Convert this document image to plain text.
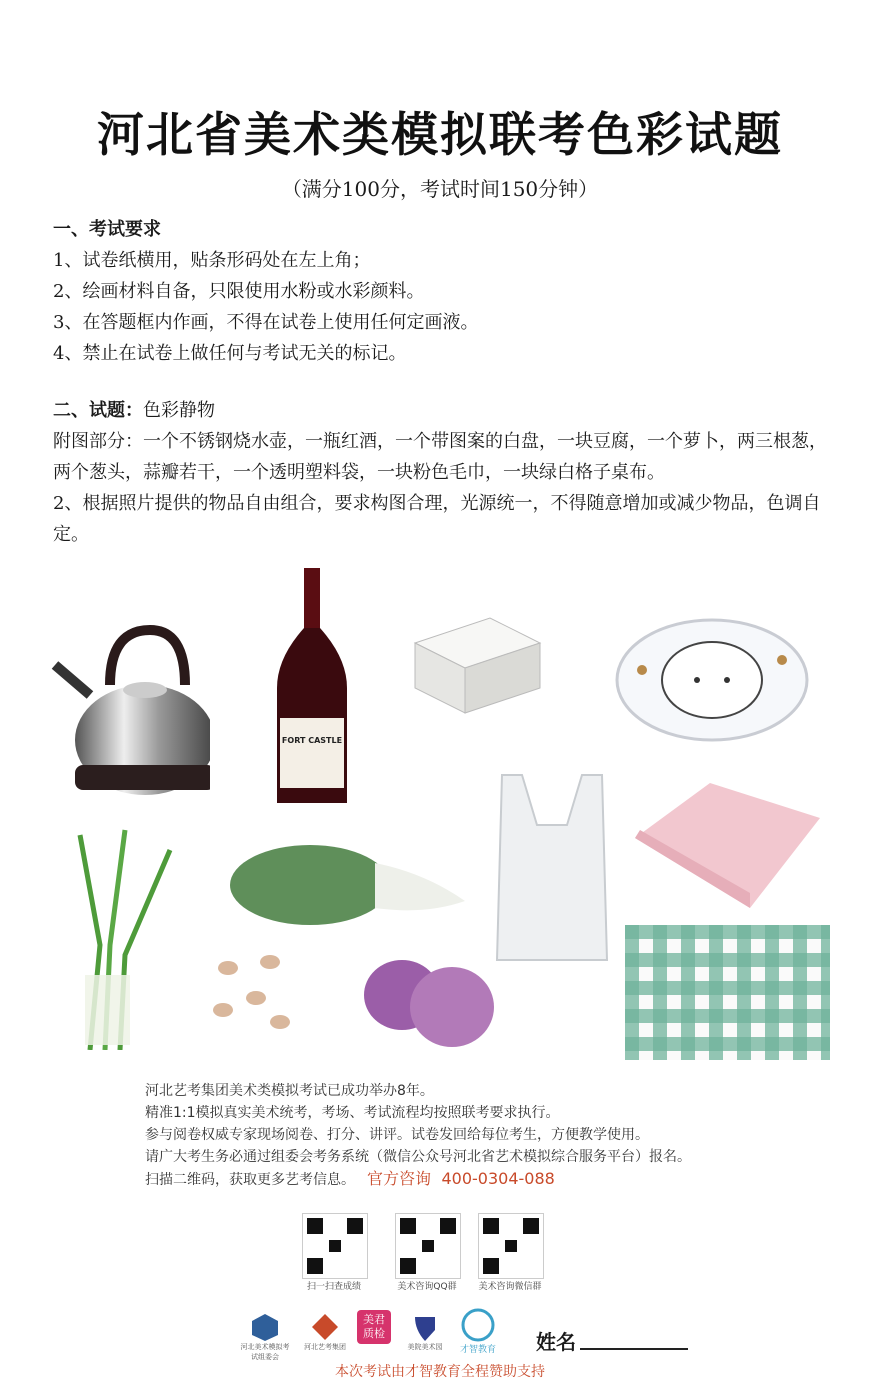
河北省美术类模拟联考色彩试题
（满分100分，考试时间150分钟）
一、考试要求
1、试卷纸横用，贴条形码处在左上角；
2、绘画材料自备，只限使用水粉或水彩颜料。
3、在答题框内作画，不得在试卷上使用任何定画液。
4、禁止在试卷上做任何与考试无关的标记。
二、试题：色彩静物

附图部分：一个不锈钢烧水壶，一瓶红酒，一个带图案的白盘，一块豆腐，一个萝卜，两三根葱，两个葱头，蒜瓣若干，一个透明塑料袋，一块粉色毛巾，一块绿白格子桌布。

2、根据照片提供的物品自由组合，要求构图合理，光源统一，不得随意增加或减少物品，色调自定。

FORT CASTLE
河北艺考集团美术类模拟考试已成功举办8年。
精准1:1模拟真实美术统考，考场、考试流程均按照联考要求执行。
参与阅卷权威专家现场阅卷、打分、讲评。试卷发回给每位考生，方便教学使用。
请广大考生务必通过组委会考务系统（微信公众号河北省艺术模拟综合服务平台）报名。
扫描二维码，获取更多艺考信息。 官方咨询 400-0304-088
扫一扫查成绩	美术咨询QQ群	美术咨询微信群
河北美术模拟考试组委会
河北艺考集团
美君 质检
美院美术园	才智教育 姓名
本次考试由才智教育全程赞助支持
